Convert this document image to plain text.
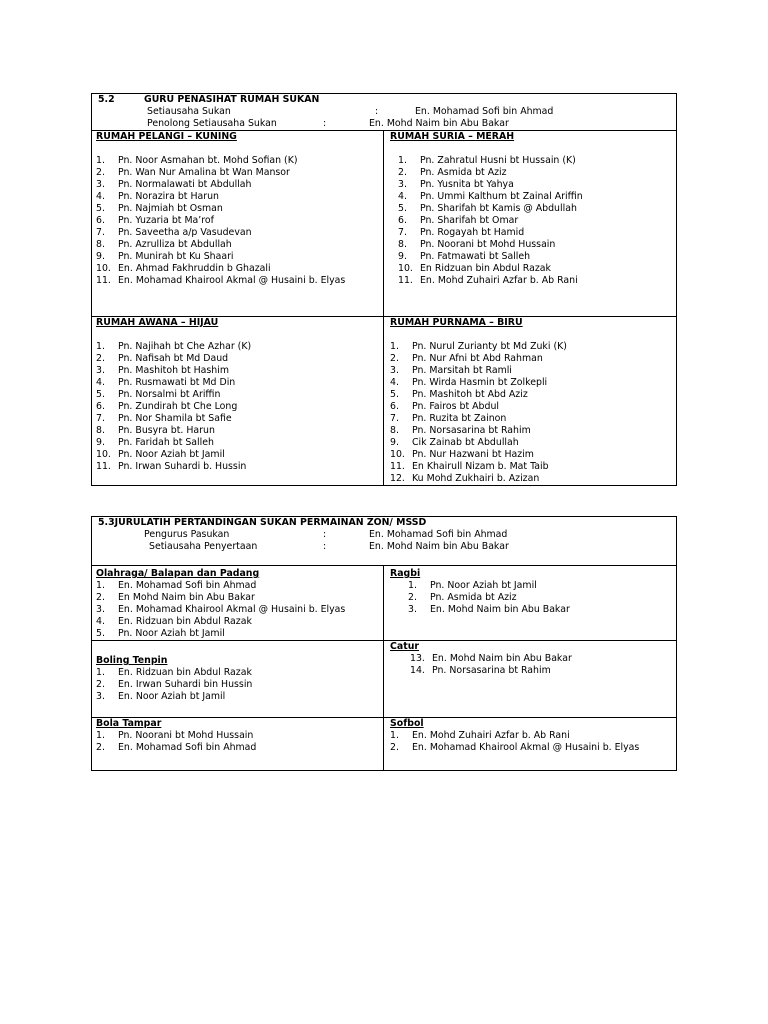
5.2	GURU PENASIHAT RUMAH SUKAN
Setiausaha Sukan	:	En. Mohamad Sofi bin Ahmad
Penolong Setiausaha Sukan	:	En. Mohd Naim bin Abu Bakar
RUMAH PELANGI – KUNING
1.	Pn. Noor Asmahan bt. Mohd Sofian (K)
2.	Pn. Wan Nur Amalina bt Wan Mansor
3.	Pn. Normalawati bt Abdullah
4.	Pn. Norazira bt Harun
5.	Pn. Najmiah bt Osman
6.	Pn. Yuzaria bt Ma’rof
7.	Pn. Saveetha a/p Vasudevan
8.	Pn. Azrulliza bt Abdullah
9.	Pn. Munirah bt Ku Shaari
10. En. Ahmad Fakhruddin b Ghazali
11. En. Mohamad Khairool Akmal @ Husaini b. Elyas
RUMAH SURIA – MERAH
1.	Pn. Zahratul Husni bt Hussain (K)
2.	Pn. Asmida bt Aziz
3.	Pn. Yusnita bt Yahya
4.	Pn. Ummi Kalthum bt Zainal Ariffin
5.	Pn. Sharifah bt Kamis @ Abdullah
6.	Pn. Sharifah bt Omar
7.	Pn. Rogayah bt Hamid
8.	Pn. Noorani bt Mohd Hussain
9.	Pn. Fatmawati bt Salleh
10. En Ridzuan bin Abdul Razak
11. En. Mohd Zuhairi Azfar b. Ab Rani
RUMAH AWANA – HIJAU
1.	Pn. Najihah bt Che Azhar (K)
2.	Pn. Nafisah bt Md Daud
3.	Pn. Mashitoh bt Hashim
4.	Pn. Rusmawati bt Md Din
5.	Pn. Norsalmi bt Ariffin
6.	Pn. Zundirah bt Che Long
7.	Pn. Nor Shamila bt Safie
8.	Pn. Busyra bt. Harun
9.	Pn. Faridah bt Salleh
10. Pn. Noor Aziah bt Jamil
11. Pn. Irwan Suhardi b. Hussin
RUMAH PURNAMA – BIRU
1.	Pn. Nurul Zurianty bt Md Zuki (K)
2.	Pn. Nur Afni bt Abd Rahman
3.	Pn. Marsitah bt Ramli
4.	Pn. Wirda Hasmin bt Zolkepli
5.	Pn. Mashitoh bt Abd Aziz
6.	Pn. Fairos bt Abdul
7.	Pn. Ruzita bt Zainon
8.	Pn. Norsasarina bt Rahim
9.	Cik Zainab bt Abdullah
10. Pn. Nur Hazwani bt Hazim
11. En Khairull Nizam b. Mat Taib
12. Ku Mohd Zukhairi b. Azizan
5.3JURULATIH PERTANDINGAN SUKAN PERMAINAN ZON/ MSSD
Pengurus Pasukan	:	En. Mohamad Sofi bin Ahmad
Setiausaha Penyertaan	:	En. Mohd Naim bin Abu Bakar
Olahraga/ Balapan dan Padang
1.	En. Mohamad Sofi bin Ahmad
2.	En Mohd Naim bin Abu Bakar
3.	En. Mohamad Khairool Akmal @ Husaini b. Elyas
4.	En. Ridzuan bin Abdul Razak
5.	Pn. Noor Aziah bt Jamil
Ragbi
1.	Pn. Noor Aziah bt Jamil
2.	Pn. Asmida bt Aziz
3.	En. Mohd Naim bin Abu Bakar
Boling Tenpin
1.	En. Ridzuan bin Abdul Razak
2.	En. Irwan Suhardi bin Hussin
3.	En. Noor Aziah bt Jamil
Catur
13. En. Mohd Naim bin Abu Bakar
14. Pn. Norsasarina bt Rahim
Bola Tampar
1.	Pn. Noorani bt Mohd Hussain
2.	En. Mohamad Sofi bin Ahmad
Sofbol
1.	En. Mohd Zuhairi Azfar b. Ab Rani
2.	En. Mohamad Khairool Akmal @ Husaini b. Elyas
